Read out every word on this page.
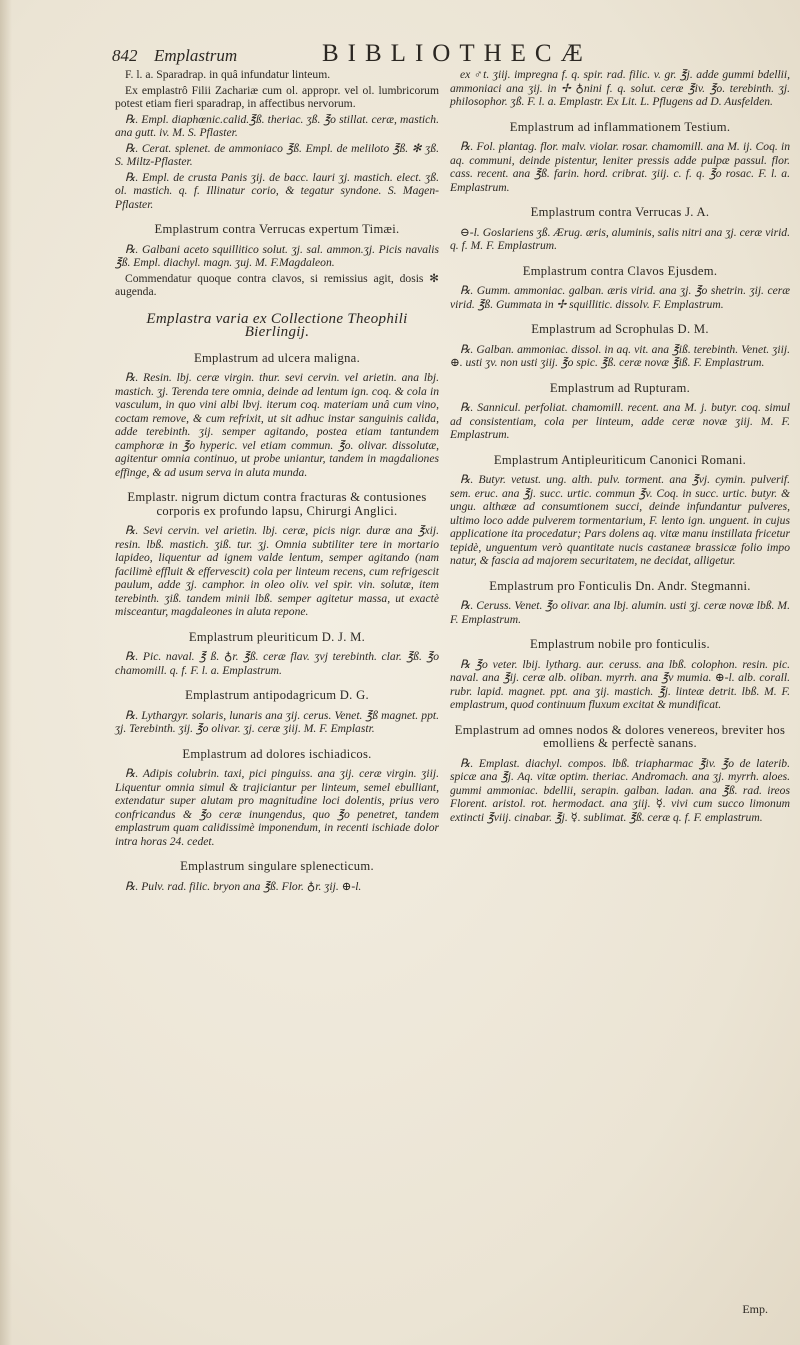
842 Emplastrum	BIBLIOTHECÆ

F. l. a. Sparadrap. in quâ infundatur linteum.

Ex emplastrô Filii Zachariæ cum ol. appropr. vel ol. lumbricorum potest etiam fieri sparadrap, in affectibus nervorum.

℞. Empl. diaphœnic.calid.℥ß. theriac. ʒß. ℥o stillat. ceræ, mastich. ana gutt. iv. M. S. Pflaster.

℞. Cerat. splenet. de ammoniaco ℥ß. Empl. de meliloto ℥ß. ✻ ʒß. S. Miltz-Pflaster.

℞. Empl. de crusta Panis ʒij. de bacc. lauri ʒj. mastich. elect. ʒß. ol. mastich. q. f. Illinatur corio, & tegatur syndone. S. Magen-Pflaster.

Emplastrum contra Verrucas expertum Timæi.

℞. Galbani aceto squillitico solut. ʒj. sal. ammon.ʒj. Picis navalis ℥ß. Empl. diachyl. magn. ʒuj. M. F.Magdaleon.

Commendatur quoque contra clavos, si remissius agit, dosis ✻ augenda.

Emplastra varia ex Collectione Theophili Bierlingij.
Emplastrum ad ulcera maligna.

℞. Resin. lbj. ceræ virgin. thur. sevi cervin. vel arietin. ana lbj. mastich. ʒj. Terenda tere omnia, deinde ad lentum ign. coq. & cola in vasculum, in quo vini albi lbvj. iterum coq. materiam unâ cum vino, coctam remove, & cum refrixit, ut sit adhuc instar sanguinis calida, adde terebinth. ʒij. semper agitando, postea etiam tantundem camphoræ in ℥o hyperic. vel etiam commun. ℥o. olivar. dissolutæ, agitentur omnia continuo, ut probe uniantur, tandem in magdaliones effinge, & ad usum serva in aluta munda.

Emplastr. nigrum dictum contra fracturas & contusiones corporis ex profundo lapsu, Chirurgi Anglici.

℞. Sevi cervin. vel arietin. lbj. ceræ, picis nigr. duræ ana ℥xij. resin. lbß. mastich. ʒiß. tur. ʒj. Omnia subtiliter tere in mortario lapideo, liquentur ad ignem valde lentum, semper agitando (nam facilimè effluit & effervescit) cola per linteum recens, cum refrigescit paulum, adde ʒj. camphor. in oleo oliv. vel spir. vin. solutæ, item terebinth. ʒiß. tandem minii lbß. semper agitetur massa, ut exactè misceantur, magdaleones in aluta repone.

Emplastrum pleuriticum D. J. M.

℞. Pic. naval. ℥ ß. ♁r. ℥ß. ceræ flav. ʒvj terebinth. clar. ℥ß. ℥o chamomill. q. f. F. l. a. Emplastrum.

Emplastrum antipodagricum D. G.

℞. Lythargyr. solaris, lunaris ana ʒij. cerus. Venet. ℥ß magnet. ppt. ʒj. Terebinth. ʒij. ℥o olivar. ʒj. ceræ ʒiij. M. F. Emplastr.

Emplastrum ad dolores ischiadicos.

℞. Adipis colubrin. taxi, pici pinguiss. ana ʒij. ceræ virgin. ʒiij. Liquentur omnia simul & trajiciantur per linteum, semel ebulliant, extendatur super alutam pro magnitudine loci dolentis, prius vero confricandus & ℥o ceræ inungendus, quo ℥o penetret, tandem emplastrum quam calidissimè imponendum, in recenti ischiade dolor intra horas 24. cedet.

Emplastrum singulare splenecticum.

℞. Pulv. rad. filic. bryon ana ℥ß. Flor. ♁r. ʒij. ⊕-l.

ex ♂t. ʒiij. impregna f. q. spir. rad. filic. v. gr. ℥j. adde gummi bdellii, ammoniaci ana ʒij. in ✢ ♁nini f. q. solut. ceræ ℥iv. ℥o. terebinth. ʒj. philosophor. ʒß. F. l. a. Emplastr. Ex Lit. L. Pflugens ad D. Ausfelden.

Emplastrum ad inflammationem Testium.

℞. Fol. plantag. flor. malv. violar. rosar. chamomill. ana M. ij. Coq. in aq. communi, deinde pistentur, leniter pressis adde pulpæ passul. flor. cass. recent. ana ℥ß. farin. hord. cribrat. ʒiij. c. f. q. ℥o rosac. F. l. a. Emplastrum.

Emplastrum contra Verrucas J. A.

⊖-l. Goslariens ʒß. Ærug. æris, aluminis, salis nitri ana ʒj. ceræ virid. q. f. M. F. Emplastrum.

Emplastrum contra Clavos Ejusdem.

℞. Gumm. ammoniac. galban. æris virid. ana ʒj. ℥o shetrin. ʒij. ceræ virid. ℥ß. Gummata in ✢ squillitic. dissolv. F. Emplastrum.

Emplastrum ad Scrophulas D. M.

℞. Galban. ammoniac. dissol. in aq. vit. ana ℥iß. terebinth. Venet. ʒiij. ⊕. usti ʒv. non usti ʒiij. ℥o spic. ℥ß. ceræ novæ ℥iß. F. Emplastrum.

Emplastrum ad Rupturam.

℞. Sannicul. perfoliat. chamomill. recent. ana M. j. butyr. coq. simul ad consistentiam, cola per linteum, adde ceræ novæ ʒiij. M. F. Emplastrum.

Emplastrum Antipleuriticum Canonici Romani.

℞. Butyr. vetust. ung. alth. pulv. torment. ana ℥vj. cymin. pulverif. sem. eruc. ana ℥j. succ. urtic. commun ℥v. Coq. in succ. urtic. butyr. & ungu. althææ ad consumtionem succi, deinde infundantur pulveres, ultimo loco adde pulverem tormentarium, F. lento ign. unguent. in cujus applicatione ita procedatur; Pars dolens aq. vitæ manu instillata fricetur tepidè, unguentum verò quantitate nucis castaneæ brassicæ folio impo natur, & fascia ad majorem securitatem, ne decidat, alligetur.

Emplastrum pro Fonticulis Dn. Andr. Stegmanni.

℞. Ceruss. Venet. ℥o olivar. ana lbj. alumin. usti ʒj. ceræ novæ lbß. M. F. Emplastrum.

Emplastrum nobile pro fonticulis.

℞ ℥o veter. lbij. lytharg. aur. ceruss. ana lbß. colophon. resin. pic. naval. ana ℥ij. ceræ alb. oliban. myrrh. ana ℥v mumia. ⊕-l. alb. corall. rubr. lapid. magnet. ppt. ana ʒij. mastich. ℥j. linteæ detrit. lbß. M. F. emplastrum, quod continuum fluxum excitat & mundificat.

Emplastrum ad omnes nodos & dolores venereos, breviter hos emolliens & perfectè sanans.

℞. Emplast. diachyl. compos. lbß. triapharmac ℥iv. ℥o de laterib. spicæ ana ℥j. Aq. vitæ optim. theriac. Andromach. ana ʒj. myrrh. aloes. gummi ammoniac. bdellii, serapin. galban. ladan. ana ℥ß. rad. ireos Florent. aristol. rot. hermodact. ana ʒiij. ☿. vivi cum succo limonum extincti ℥viij. cinabar. ℥j. ☿. sublimat. ℥ß. ceræ q. f. F. emplastrum.

Emp.
